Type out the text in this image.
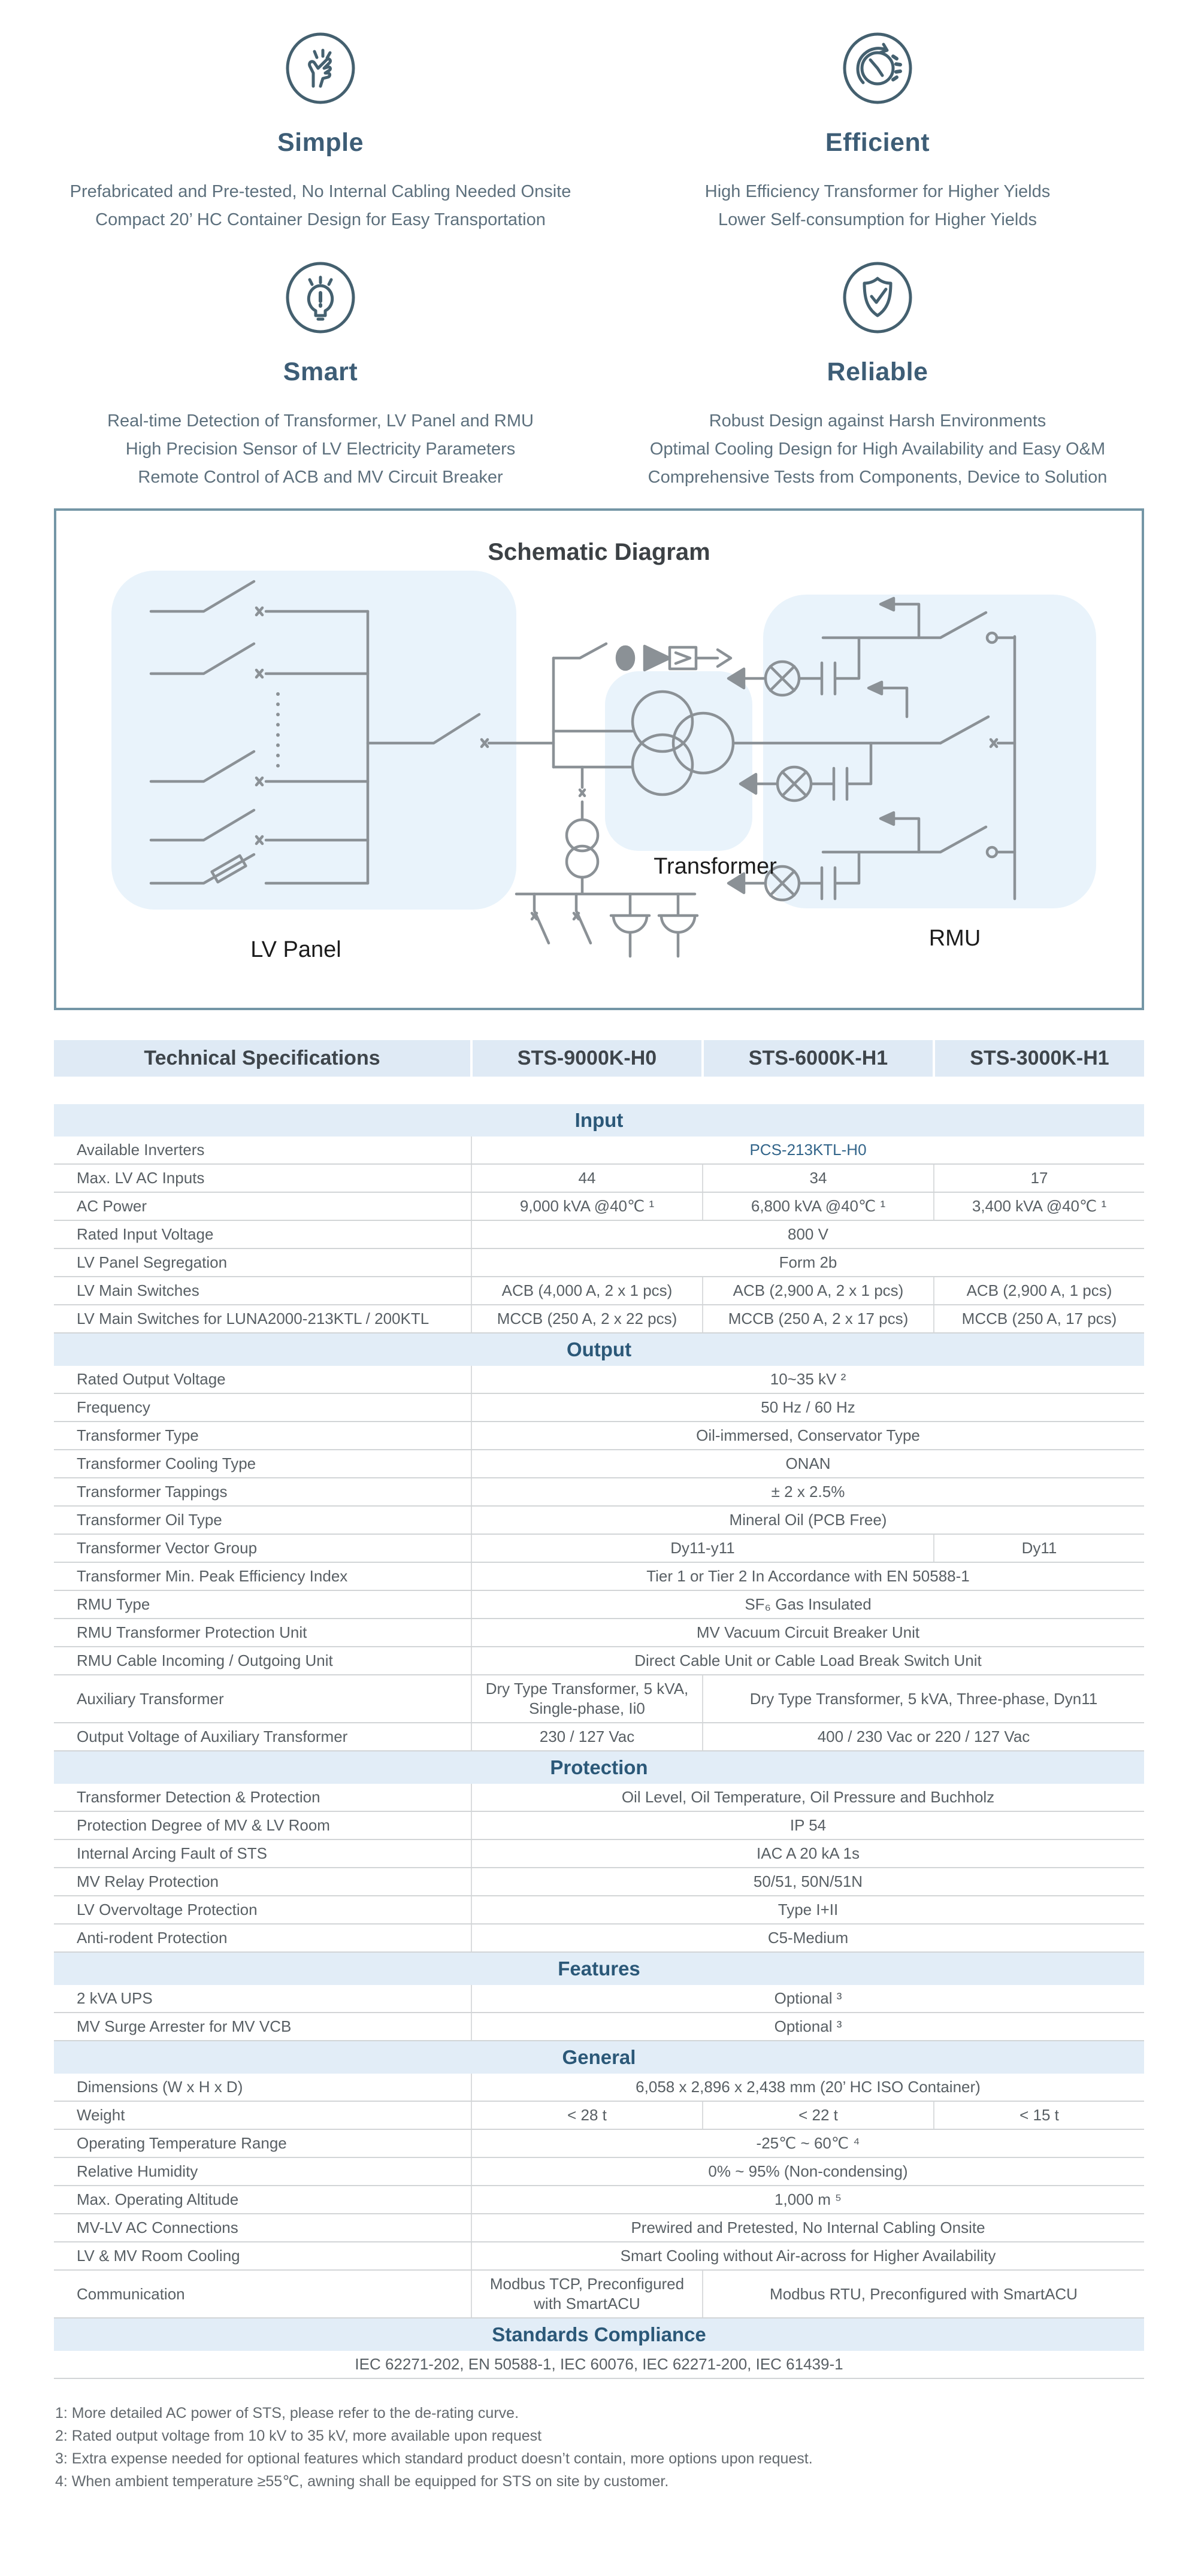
Simple
Prefabricated and Pre-tested, No Internal Cabling Needed Onsite
Compact 20’ HC Container Design for Easy Transportation
Efficient
High Efficiency Transformer for Higher Yields
Lower Self-consumption for Higher Yields
Smart
Real-time Detection of Transformer, LV Panel and RMU
High Precision Sensor of LV Electricity Parameters
Remote Control of ACB and MV Circuit Breaker
Reliable
Robust Design against Harsh Environments
Optimal Cooling Design for High Availability and Easy O&M
Comprehensive Tests from Components, Device to Solution
Schematic Diagram
LV Panel
Transformer
RMU
Technical Specifications	STS-9000K-H0	STS-6000K-H1	STS-3000K-H1

Input			
Available Inverters	PCS-213KTL-H0		
Max. LV AC Inputs	44	34	17
AC Power	9,000 kVA @40℃ ¹	6,800 kVA @40℃ ¹	3,400 kVA @40℃ ¹
Rated Input Voltage	800 V		
LV Panel Segregation	Form 2b		
LV Main Switches	ACB (4,000 A, 2 x 1 pcs)	ACB (2,900 A, 2 x 1 pcs)	ACB (2,900 A, 1 pcs)
LV Main Switches for LUNA2000-213KTL / 200KTL	MCCB (250 A, 2 x 22 pcs)	MCCB (250 A, 2 x 17 pcs)	MCCB (250 A, 17 pcs)
Output			
Rated Output Voltage	10~35 kV ²		
Frequency	50 Hz / 60 Hz		
Transformer Type	Oil-immersed, Conservator Type		
Transformer Cooling Type	ONAN		
Transformer Tappings	± 2 x 2.5%		
Transformer Oil Type	Mineral Oil (PCB Free)		
Transformer Vector Group	Dy11-y11		Dy11
Transformer Min. Peak Efficiency Index	Tier 1 or Tier 2 In Accordance with EN 50588-1		
RMU Type	SF₆ Gas Insulated		
RMU Transformer Protection Unit	MV Vacuum Circuit Breaker Unit		
RMU Cable Incoming / Outgoing Unit	Direct Cable Unit or Cable Load Break Switch Unit		
Auxiliary Transformer	Dry Type Transformer, 5 kVA, Single-phase, Ii0	Dry Type Transformer, 5 kVA, Three-phase, Dyn11	
Output Voltage of Auxiliary Transformer	230 / 127 Vac	400 / 230 Vac or 220 / 127 Vac	
Protection			
Transformer Detection & Protection	Oil Level, Oil Temperature, Oil Pressure and Buchholz		
Protection Degree of MV & LV Room	IP 54		
Internal Arcing Fault of STS	IAC A 20 kA 1s		
MV Relay Protection	50/51, 50N/51N		
LV Overvoltage Protection	Type I+II		
Anti-rodent Protection	C5-Medium		
Features			
2 kVA UPS	Optional ³		
MV Surge Arrester for MV VCB	Optional ³		
General			
Dimensions (W x H x D)	6,058 x 2,896 x 2,438 mm (20’ HC ISO Container)		
Weight	< 28 t	< 22 t	< 15 t
Operating Temperature Range	-25℃ ~ 60℃ ⁴		
Relative Humidity	0% ~ 95% (Non-condensing)		
Max. Operating Altitude	1,000 m ⁵		
MV-LV AC Connections	Prewired and Pretested, No Internal Cabling Onsite		
LV & MV Room Cooling	Smart Cooling without Air-across for Higher Availability		
Communication	Modbus TCP, Preconfigured with SmartACU	Modbus RTU, Preconfigured with SmartACU	
Standards Compliance			
IEC 62271-202, EN 50588-1, IEC 60076, IEC 62271-200, IEC 61439-1			
1: More detailed AC power of STS, please refer to the de-rating curve.
2: Rated output voltage from 10 kV to 35 kV, more available upon request
3: Extra expense needed for optional features which standard product doesn’t contain, more options upon request.
4: When ambient temperature ≥55℃, awning shall be equipped for STS on site by customer.
